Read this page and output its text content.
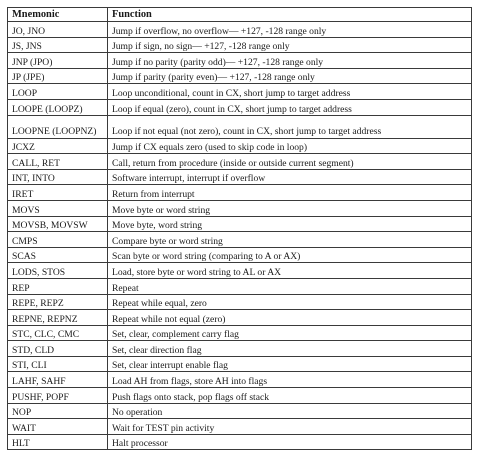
Mnemonic	Function
JO, JNO	Jump if overflow, no overflow— +127, -128 range only
JS, JNS	Jump if sign, no sign— +127, -128 range only
JNP (JPO)	Jump if no parity (parity odd)— +127, -128 range only
JP (JPE)	Jump if parity (parity even)— +127, -128 range only
LOOP	Loop unconditional, count in CX, short jump to target address
LOOPE (LOOPZ)	Loop if equal (zero), count in CX, short jump to target address
LOOPNE (LOOPNZ)	Loop if not equal (not zero), count in CX, short jump to target address
JCXZ	Jump if CX equals zero (used to skip code in loop)
CALL, RET	Call, return from procedure (inside or outside current segment)
INT, INTO	Software interrupt, interrupt if overflow
IRET	Return from interrupt
MOVS	Move byte or word string
MOVSB, MOVSW	Move byte, word string
CMPS	Compare byte or word string
SCAS	Scan byte or word string (comparing to A or AX)
LODS, STOS	Load, store byte or word string to AL or AX
REP	Repeat
REPE, REPZ	Repeat while equal, zero
REPNE, REPNZ	Repeat while not equal (zero)
STC, CLC, CMC	Set, clear, complement carry flag
STD, CLD	Set, clear direction flag
STI, CLI	Set, clear interrupt enable flag
LAHF, SAHF	Load AH from flags, store AH into flags
PUSHF, POPF	Push flags onto stack, pop flags off stack
NOP	No operation
WAIT	Wait for TEST pin activity
HLT	Halt processor
